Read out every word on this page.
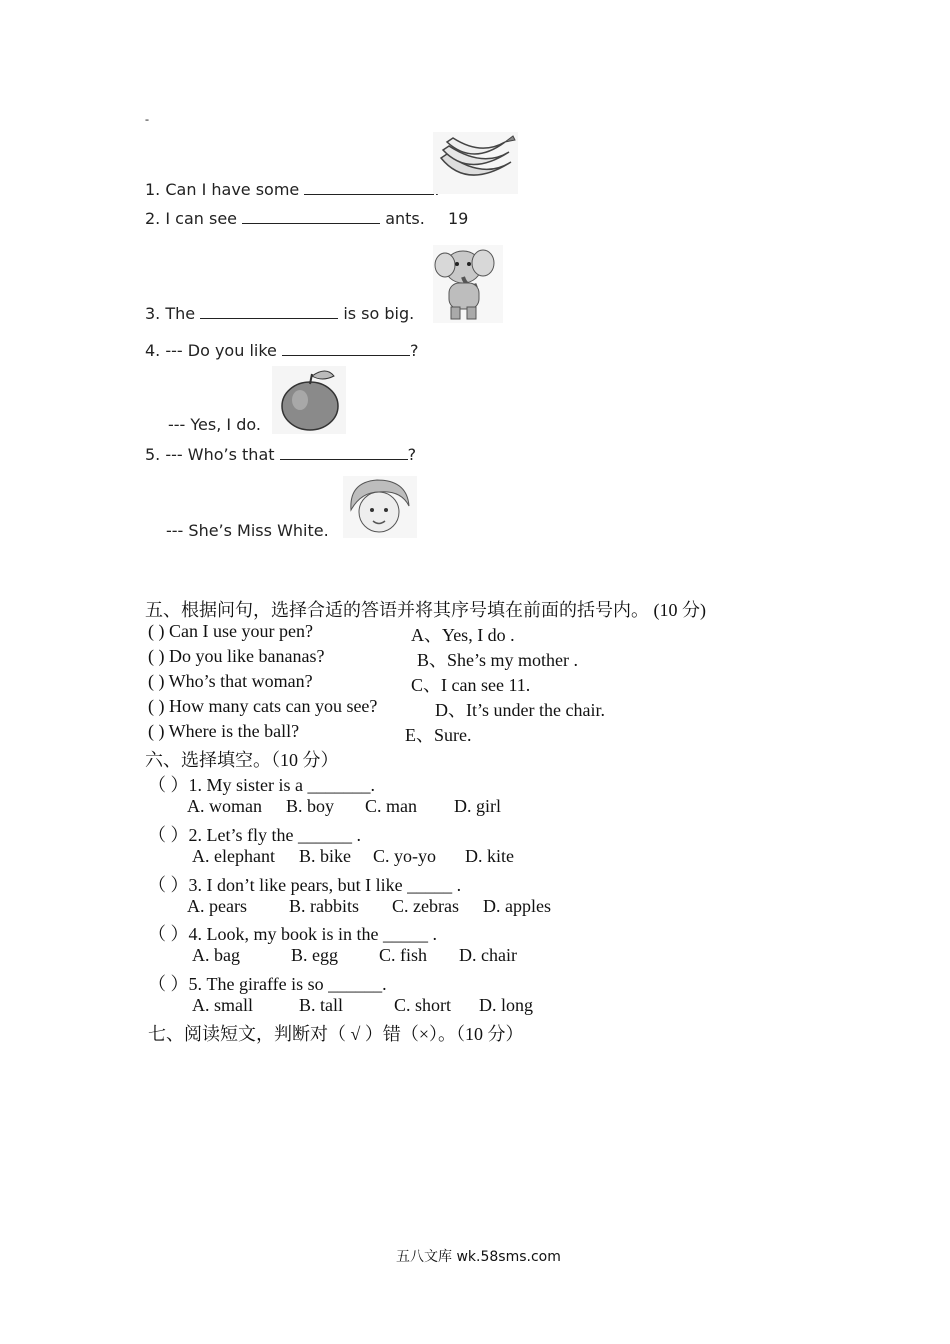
-
1. Can I have some
2. I can see	ants. 19
3. The	is so big.
4. --- Do you like	?
--- Yes, I do.
5. --- Who’s that	?
--- She’s Miss White.
五、根据问句，选择合适的答语并将其序号填在前面的括号内。 (10 分)
( ) Can I use your pen?	A、Yes, I do .
( ) Do you like bananas?	B、She’s my mother .
( ) Who’s that woman?	C、I can see 11.
( ) How many cats can you see?	D、It’s under the chair.
( ) Where is the ball?	E、Sure.
六、选择填空。（10 分）
（ ）1. My sister is a _______.
A. woman B. boy C. man D. girl
（ ）2. Let’s fly the ______ .
A. elephant B. bike C. yo-yo D. kite
（ ）3. I don’t like pears, but I like _____ .
A. pears B. rabbits C. zebras D. apples
（ ）4. Look, my book is in the _____ .
A. bag	B. egg C. fish D. chair
（ ）5. The giraffe is so ______.
A. small	B. tall	C. short D. long
七、阅读短文，判断对（ √ ）错（×）。（10 分）
五八文库 wk.58sms.com
